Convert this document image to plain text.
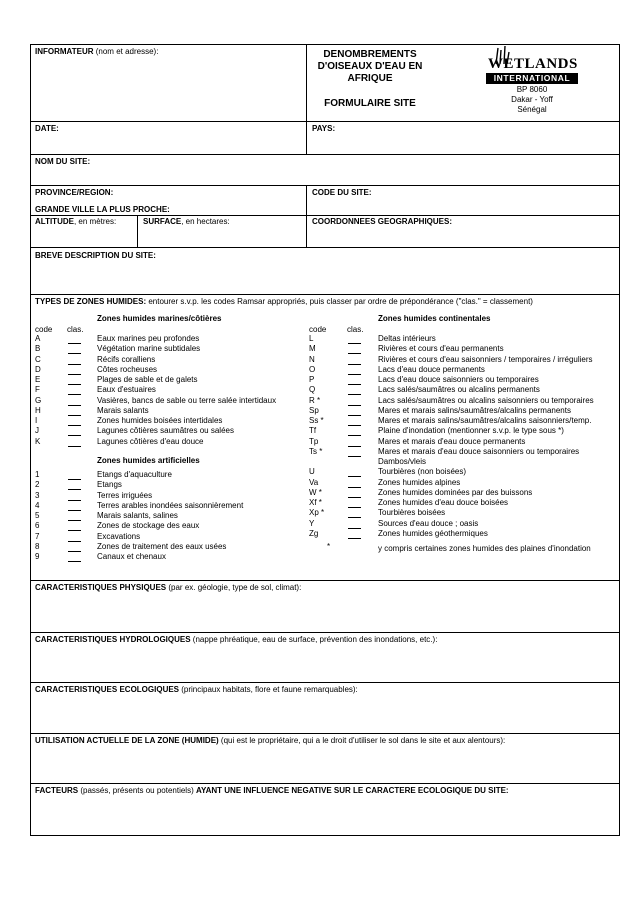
INFORMATEUR (nom et adresse):	DENOMBREMENTS
D'OISEAUX D'EAU EN
AFRIQUE
FORMULAIRE SITE
DATE:	PAYS:
NOM DU SITE:
PROVINCE/REGION:	CODE DU SITE:
GRANDE VILLE LA PLUS PROCHE:
ALTITUDE, en mètres:	SURFACE, en hectares:	COORDONNEES GEOGRAPHIQUES:
BREVE DESCRIPTION DU SITE:
TYPES DE ZONES HUMIDES: entourer s.v.p. les codes Ramsar appropriés, puis classer par ordre de prépondérance ("clas." = classement)
Zones humides marines/côtières
code clas.
A	Eaux marines peu profondes
B	Végétation marine subtidales
C	Récifs coralliens
D	Côtes rocheuses
E	Plages de sable et de galets
F	Eaux d'estuaires
G	Vasières, bancs de sable ou terre salée intertidaux
H	Marais salants
I	Zones humides boisées intertidales
J	Lagunes côtières saumâtres ou salées
K	Lagunes côtières d'eau douce
Zones humides artificielles
1	Etangs d'aquaculture
2	Etangs
3	Terres irriguées
4	Terres arables inondées saisonnièrement
5	Marais salants, salines
6	Zones de stockage des eaux
7	Excavations
8	Zones de traitement des eaux usées
9	Canaux et chenaux
Zones humides continentales
code	clas.
L	Deltas intérieurs
M	Rivières et cours d'eau permanents
N	Rivières et cours d'eau saisonniers / temporaires / irréguliers
O	Lacs d'eau douce permanents
P	Lacs d'eau douce saisonniers ou temporaires
Q	Lacs salés/saumâtres ou alcalins permanents
R *	Lacs salés/saumâtres ou alcalins saisonniers ou temporaires
Sp	Mares et marais salins/saumâtres/alcalins permanents
Ss *	Mares et marais salins/saumâtres/alcalins saisonniers/temp.
Tf	Plaine d'inondation (mentionner s.v.p. le type sous *)
Tp	Mares et marais d'eau douce permanents
Ts *	Mares et marais d'eau douce saisonniers ou temporaires
Dambos/vleis
U	Tourbières (non boisées)
Va	Zones humides alpines
W *	Zones humides dominées par des buissons
Xf *	Zones humides d'eau douce boisées
Xp *	Tourbières boisées
Y	Sources d'eau douce ; oasis
Zg	Zones humides géothermiques
*	y compris certaines zones humides des plaines d'inondation
CARACTERISTIQUES PHYSIQUES (par ex. géologie, type de sol, climat):
CARACTERISTIQUES HYDROLOGIQUES (nappe phréatique, eau de surface, prévention des inondations, etc.):
CARACTERISTIQUES ECOLOGIQUES (principaux habitats, flore et faune remarquables):
UTILISATION ACTUELLE DE LA ZONE (HUMIDE) (qui est le propriétaire, qui a le droit d'utiliser le sol dans le site et aux alentours):
FACTEURS (passés, présents ou potentiels) AYANT UNE INFLUENCE NEGATIVE SUR LE CARACTERE ECOLOGIQUE DU SITE:
WETLANDS
INTERNATIONAL
BP 8060
Dakar - Yoff
Sénégal
